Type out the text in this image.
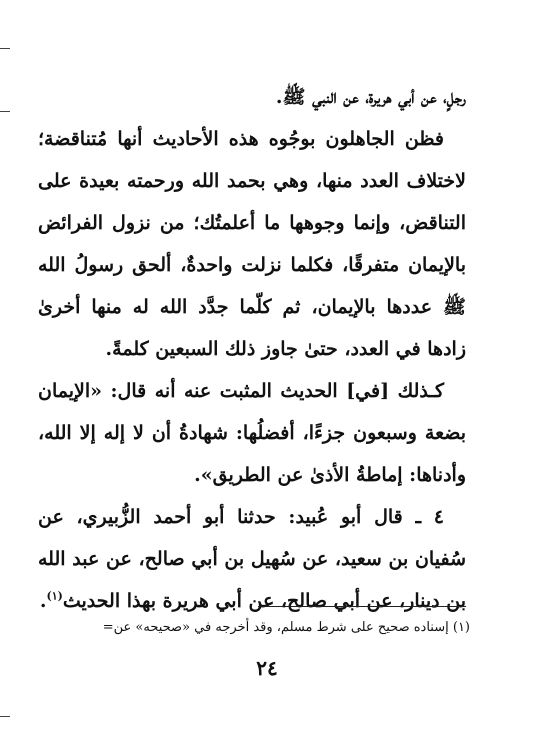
رجلٍ، عن أبي هريرة، عن النبي ﷺ.

فظن الجاهلون بوجُوه هذه الأحاديث أنها مُتناقضة؛ لاختلاف العدد منها، وهي بحمد الله ورحمته بعيدة على التناقض، وإنما وجوهها ما أعلمتُك؛ من نزول الفرائض بالإيمان متفرقًا، فكلما نزلت واحدةٌ، ألحق رسولُ الله ﷺ عددها بالإيمان، ثم كلّما جدَّد الله له منها أخرىٰ زادها في العدد، حتىٰ جاوز ذلك السبعين كلمةً.

كـذلك [في] الحديث المثبت عنه أنه قال: «الإيمان بضعة وسبعون جزءًا، أفضلُها: شهادةُ أن لا إله إلا الله، وأدناها: إماطةُ الأذىٰ عن الطريق».

٤ ـ قال أبو عُبيد: حدثنا أبو أحمد الزُّبيري، عن سُفيان بن سعيد، عن سُهيل بن أبي صالح، عن عبد الله بن دينار، عن أبي صالح، عن أبي هريرة بهذا الحديث$^{(١)}$.

(١) إسناده صحيح على شرط مسلم، وقد أخرجه في «صحيحه» عن=
٢٤
